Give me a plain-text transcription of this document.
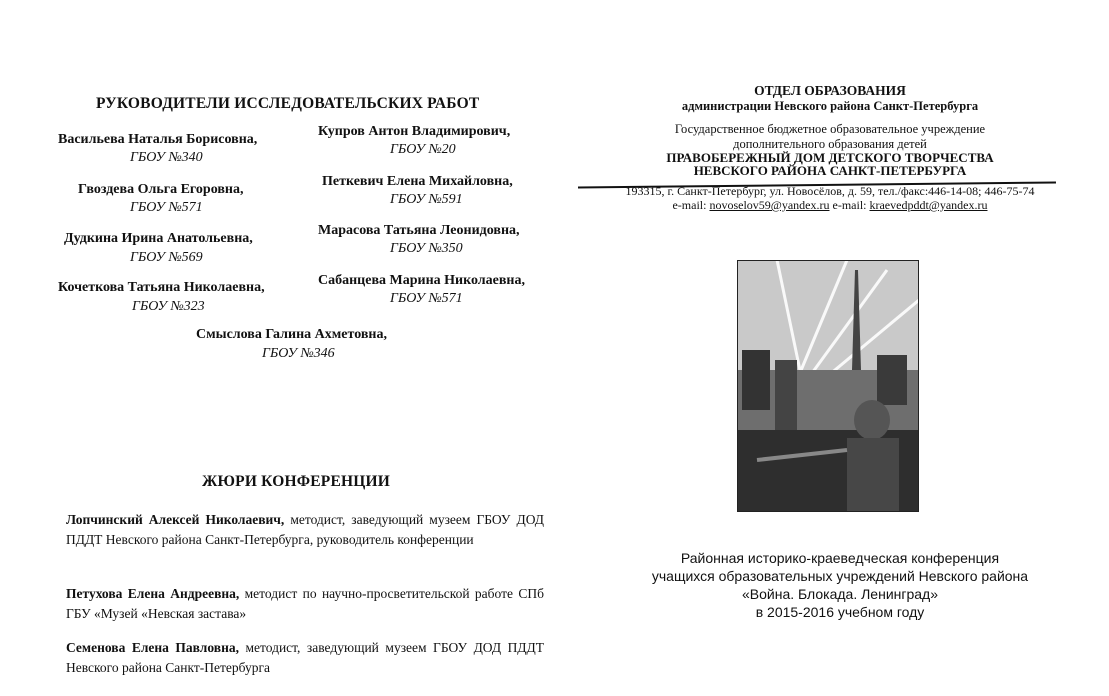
РУКОВОДИТЕЛИ ИССЛЕДОВАТЕЛЬСКИХ РАБОТ
Васильева Наталья Борисовна,
ГБОУ №340
Купров Антон Владимирович,
ГБОУ №20
Гвоздева Ольга Егоровна,
ГБОУ №571
Петкевич Елена Михайловна,
ГБОУ №591
Дудкина Ирина Анатольевна,
ГБОУ №569
Марасова Татьяна Леонидовна,
ГБОУ №350
Кочеткова Татьяна Николаевна,
ГБОУ №323
Сабанцева Марина Николаевна,
ГБОУ №571
Смыслова Галина Ахметовна,
ГБОУ №346
ЖЮРИ КОНФЕРЕНЦИИ
Лопчинский Алексей Николаевич, методист, заведующий музеем ГБОУ ДОД ПДДТ Невского района Санкт-Петербурга, руководитель конференции
Петухова Елена Андреевна, методист по научно-просветительской работе СПб ГБУ «Музей «Невская застава»
Семенова Елена Павловна, методист, заведующий музеем ГБОУ ДОД ПДДТ Невского района Санкт-Петербурга
ОТДЕЛ ОБРАЗОВАНИЯ
администрации Невского района Санкт-Петербурга
Государственное бюджетное образовательное учреждение
дополнительного образования детей
ПРАВОБЕРЕЖНЫЙ ДОМ ДЕТСКОГО ТВОРЧЕСТВА
НЕВСКОГО РАЙОНА САНКТ-ПЕТЕРБУРГА
193315, г. Санкт-Петербург, ул. Новосёлов, д. 59, тел./факс:446-14-08; 446-75-74
e-mail: novoselov59@yandex.ru e-mail: kraevedpddt@yandex.ru
Районная историко-краеведческая конференция
учащихся образовательных учреждений Невского района
«Война. Блокада. Ленинград»
в 2015-2016 учебном году
